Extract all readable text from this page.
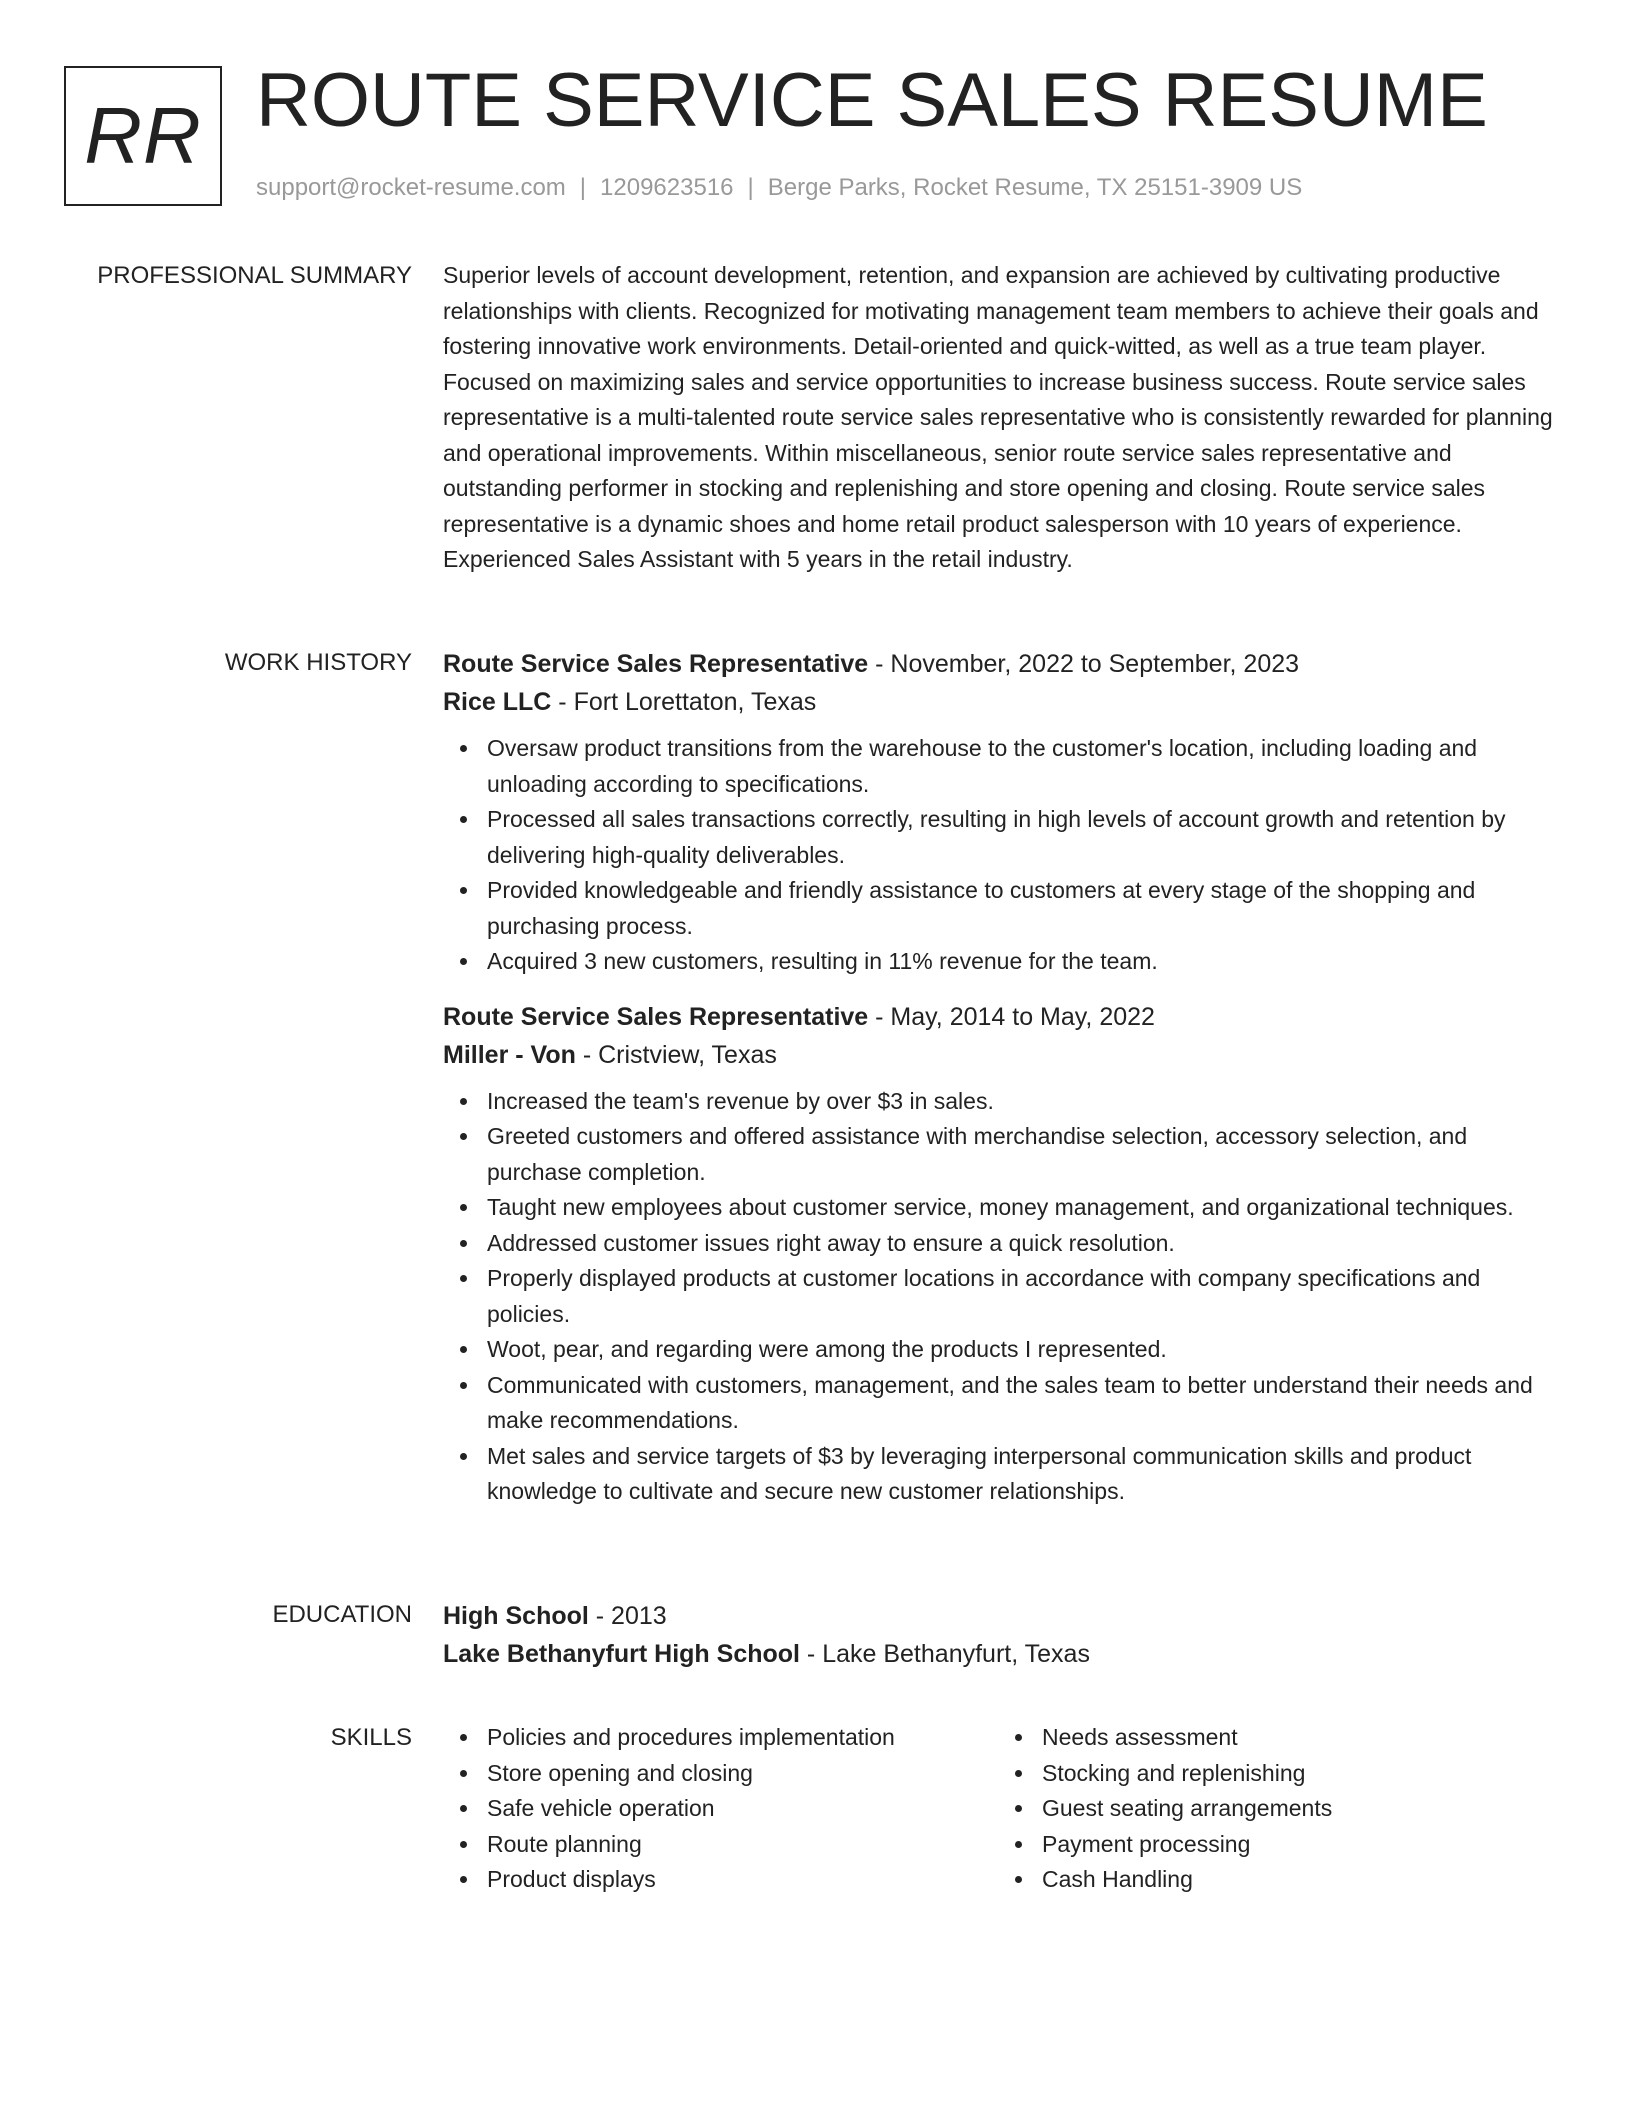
RR ROUTE SERVICE SALES RESUME
support@rocket-resume.com | 1209623516 | Berge Parks, Rocket Resume, TX 25151-3909 US
PROFESSIONAL SUMMARY Superior levels of account development, retention, and expansion are achieved by cultivating productive relationships with clients. Recognized for motivating management team members to achieve their goals and fostering innovative work environments. Detail-oriented and quick-witted, as well as a true team player. Focused on maximizing sales and service opportunities to increase business success. Route service sales representative is a multi-talented route service sales representative who is consistently rewarded for planning and operational improvements. Within miscellaneous, senior route service sales representative and outstanding performer in stocking and replenishing and store opening and closing. Route service sales representative is a dynamic shoes and home retail product salesperson with 10 years of experience. Experienced Sales Assistant with 5 years in the retail industry.

WORK HISTORY Route Service Sales Representative - November, 2022 to September, 2023

Rice LLC - Fort Lorettaton, Texas

Oversaw product transitions from the warehouse to the customer's location, including loading and unloading according to specifications.
Processed all sales transactions correctly, resulting in high levels of account growth and retention by delivering high-quality deliverables.
Provided knowledgeable and friendly assistance to customers at every stage of the shopping and purchasing process.
Acquired 3 new customers, resulting in 11% revenue for the team.

Route Service Sales Representative - May, 2014 to May, 2022

Miller - Von - Cristview, Texas

Increased the team's revenue by over $3 in sales.
Greeted customers and offered assistance with merchandise selection, accessory selection, and purchase completion.
Taught new employees about customer service, money management, and organizational techniques.
Addressed customer issues right away to ensure a quick resolution.
Properly displayed products at customer locations in accordance with company specifications and policies.
Woot, pear, and regarding were among the products I represented.
Communicated with customers, management, and the sales team to better understand their needs and make recommendations.
Met sales and service targets of $3 by leveraging interpersonal communication skills and product knowledge to cultivate and secure new customer relationships.
EDUCATION High School - 2013

Lake Bethanyfurt High School - Lake Bethanyfurt, Texas

SKILLS	Policies and procedures implementation
Store opening and closing
Safe vehicle operation
Route planning
Product displays
Needs assessment
Stocking and replenishing
Guest seating arrangements
Payment processing
Cash Handling
